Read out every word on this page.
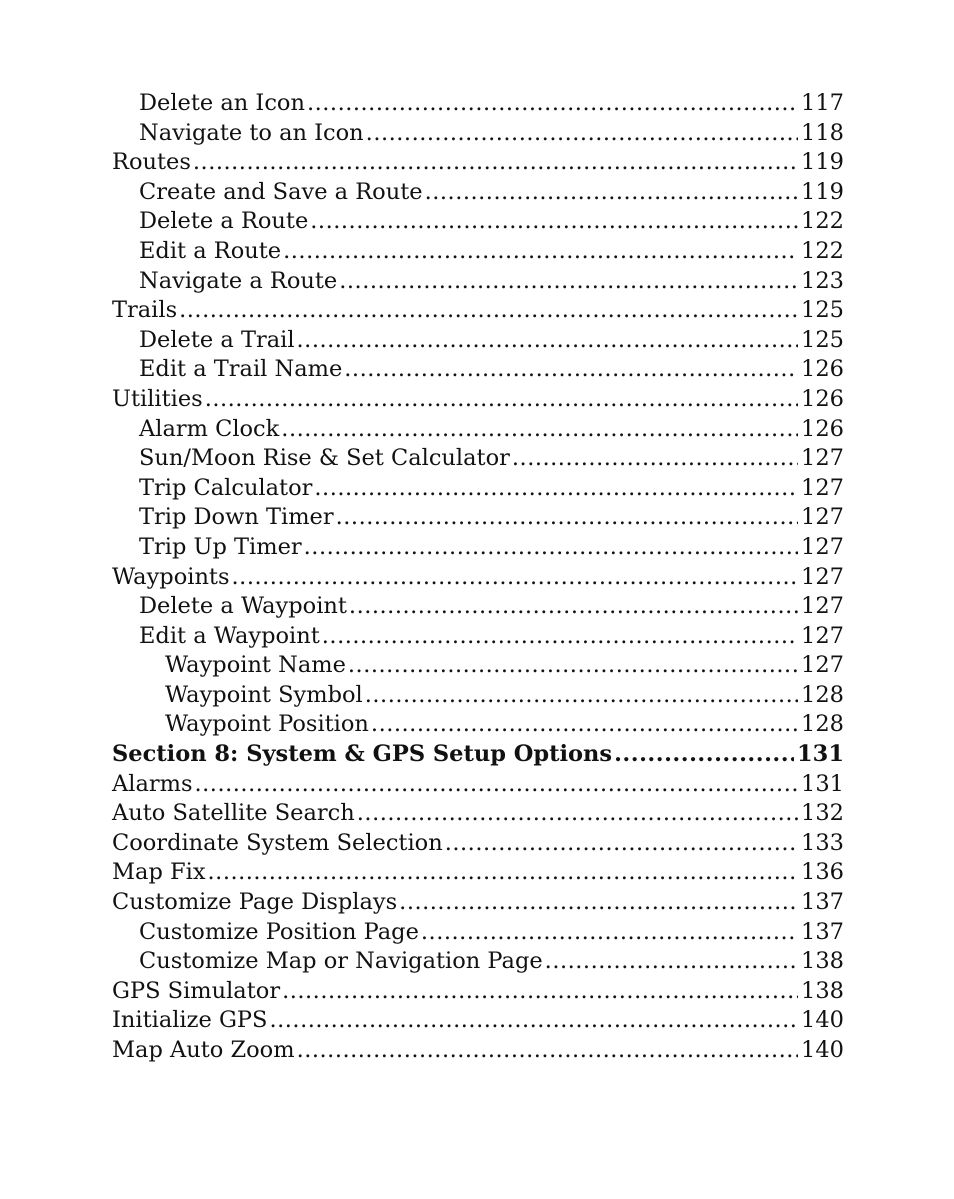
Delete an Icon .....	117
Navigate to an Icon .....	118
Routes .....	119
Create and Save a Route .....	119
Delete a Route .....	122
Edit a Route .....	122
Navigate a Route .....	123
Trails .....	125
Delete a Trail .....	125
Edit a Trail Name .....	126
Utilities .....	126
Alarm Clock .....	126
Sun/Moon Rise & Set Calculator .....	127
Trip Calculator .....	127
Trip Down Timer .....	127
Trip Up Timer .....	127
Waypoints .....	127
Delete a Waypoint .....	127
Edit a Waypoint .....	127
Waypoint Name .....	127
Waypoint Symbol .....	128
Waypoint Position .....	128
Section 8: System & GPS Setup Options .....	131
Alarms .....	131
Auto Satellite Search .....	132
Coordinate System Selection .....	133
Map Fix .....	136
Customize Page Displays .....	137
Customize Position Page .....	137
Customize Map or Navigation Page .....	138
GPS Simulator .....	138
Initialize GPS .....	140
Map Auto Zoom .....	140
